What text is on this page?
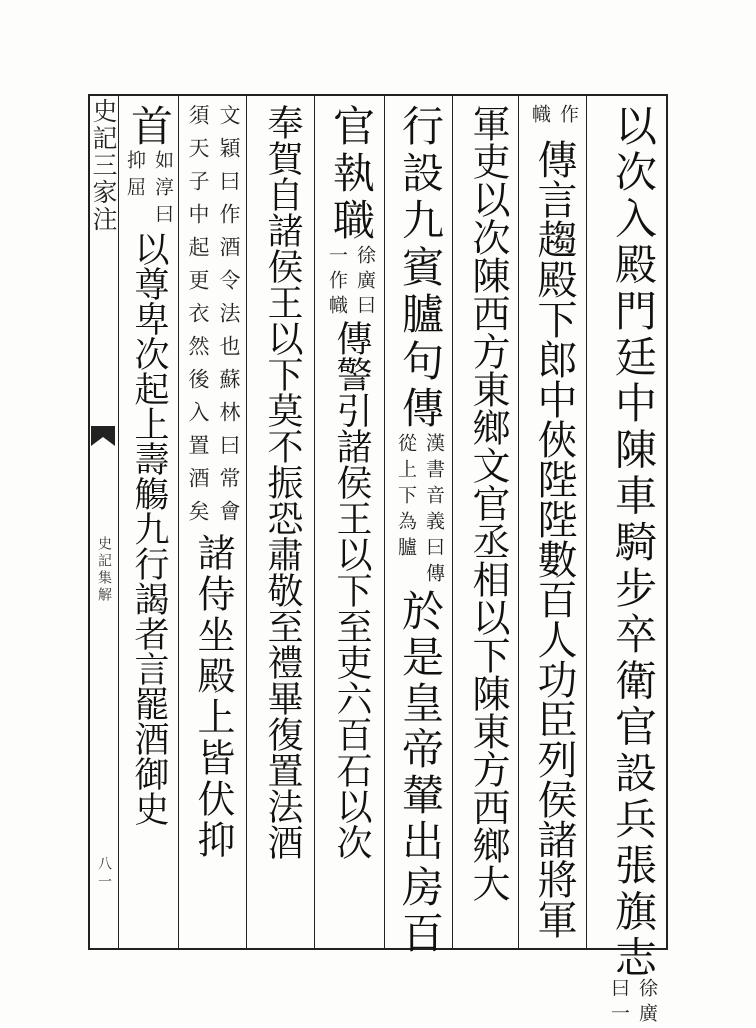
史記三家注
史記集解
八一	以次入殿門廷中陳車騎步卒衛官設兵張旗志

徐廣

曰一

作

幟

傳言趨殿下郎中俠陛陛數百人功臣列侯諸將軍

軍吏以次陳西方東鄉文官丞相以下陳東方西鄉大

行設九賓臚句傳

漢書音義曰傳

從上下為臚

於是皇帝輦出房百

官執職

徐廣曰

一作幟

傳警引諸侯王以下至吏六百石以次

奉賀自諸侯王以下莫不振恐肅敬至禮畢復置法酒

文穎曰作酒令法也蘇林曰常會

須天子中起更衣然後入置酒矣

諸侍坐殿上皆伏抑

首

如淳曰

抑屈

以尊卑次起上壽觴九行謁者言罷酒御史
